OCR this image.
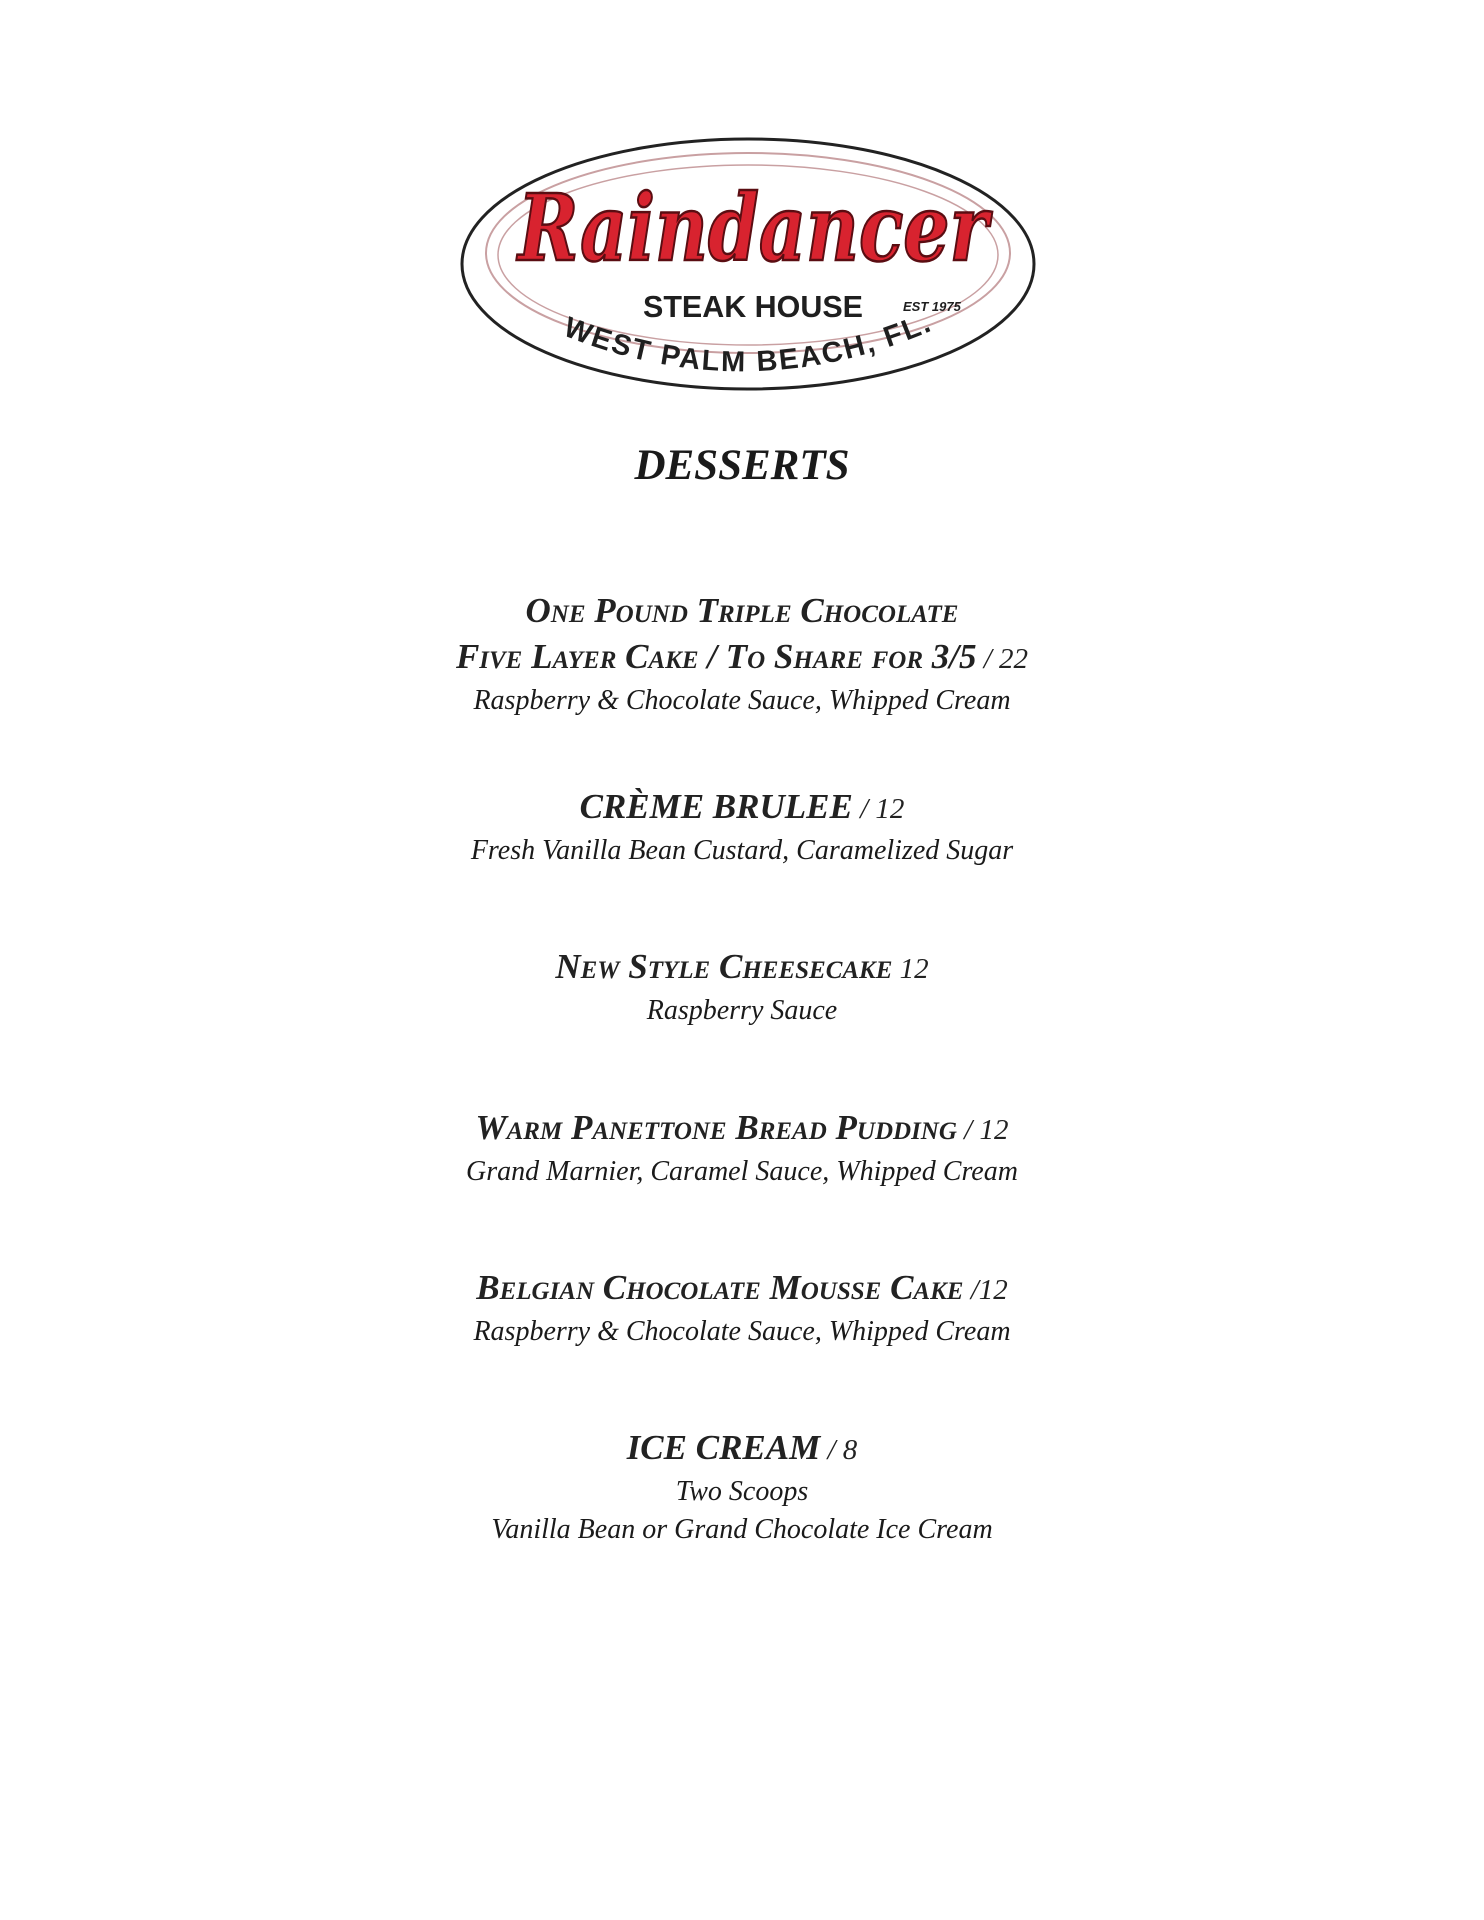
Raindancer
STEAK HOUSE	EST 1975
WEST PALM BEACH, FL.
DESSERTS
One Pound Triple Chocolate
Five Layer Cake / To Share for 3/5 / 22
Raspberry & Chocolate Sauce, Whipped Cream
CRÈME BRULEE / 12
Fresh Vanilla Bean Custard, Caramelized Sugar
New Style Cheesecake 12
Raspberry Sauce
Warm Panettone Bread Pudding / 12
Grand Marnier, Caramel Sauce, Whipped Cream
Belgian Chocolate Mousse Cake /12
Raspberry & Chocolate Sauce, Whipped Cream
ICE CREAM / 8
Two Scoops
Vanilla Bean or Grand Chocolate Ice Cream
